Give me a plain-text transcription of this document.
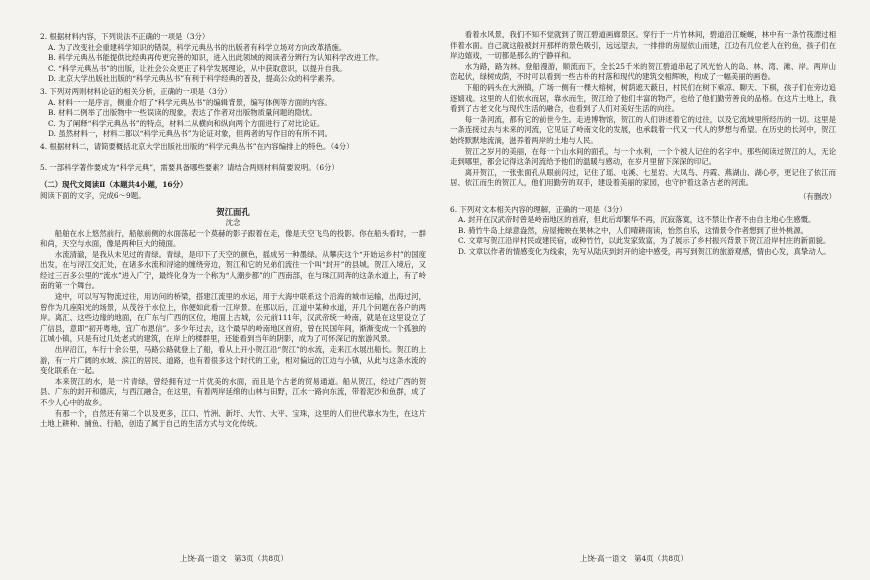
2. 根据材料内容，下列说法不正确的一项是（3分）

A. 为了改变社会重建科学知识的错误，科学元典丛书的出版者有科学立场对方向改革措施。

B. 科学元典丛书能提供比经典再传更完善的知识，进入出此领域的阅读者分辨行为认知科学改进工作。

C. “科学元典丛书”的出版，让社会公众更正了科学发展理论，从中获取意识，以提升自我。

D. 北京大学出版社出版的“科学元典丛书”有利于科学经典的普及，提高公众的科学素养。

3. 下列对两则材料论证的相关分析，正确的一项是（3分）

A. 材料一一是序言，侧重介绍了“科学元典丛书”的编辑背景，编写体例等方面的内容。

B. 材料二例举了出版物中一些误读的现象，表达了作者对出版物质量问题的隐忧。

C. 为了阐释“科学元典丛书”的特点，材料二从横向和纵向两个方面进行了对比论证。

D. 虽然材料一，材料二都以“科学元典丛书”为论证对象，但两者的写作目的有所不同。

4. 根据材料二，请简要概括北京大学出版社出版的“科学元典丛书”在内容编排上的特色。（4分）

5. 一部科学著作要成为“科学元典”，需要具备哪些要素？请结合两则材料简要说明。（6分）

（二）现代文阅读Ⅱ（本题共4小题，16分）

阅读下面的文字，完成6～9题。

贺江面孔

沈念

船舶在水上悠然前行，船舷前侧的水面荡起一个莫赫的影子跟着在走，像是天空飞鸟的投影。你在船头看时，一群和尚，天空与水面，像是两种巨大的镜面。

水流清澈，是我从未见过的青绿。青绿，是印下了天空的颜色，摇成另一种墨绿。从攀庆这个“开始运乡村”的国度出发，在与浔江交汇处，在诸多水流和浔途的缠绕旁边，贺江和它的兄弟们流往一个叫“封开”的县城。贺江入境后，又经过三百多公里的“流水”进入广宁，最终化身为一个称为“人潮步都”的广西南部，在与珠江同奔的这条水道上，有了岭南的第一个舞台。

途中，可以写写物流过往，用访问的桥梁，搭建江流里的水运，用于大海中联系这个沿海的城市运输，出海过河，曾作为几座阳光的场景，从茂谷于水位上，你便如此看一江岸景。在那以后，江道中某种水道，开几个问题在各户的两岸。离汇、这些边缘的地面，在广东与广西的区位，地面上古城，公元前111年，汉武帝统一岭南，就是在这里设立了广信县，意即“初开粤地，宜广布恩信”。多少年过去，这个最早的岭南地区首府，曾在民国年间，渐渐变成一个孤独的江城小镇，只是有过几处老式的建筑，在岸上的楼群里，还能看到当年的阴影，成为了可怀深记的旅游风景。

出岸沿江，车行十余公里，马路公路就登上了船，看从上开小贺江沿“贺江”的水流，走来江水展出船长。贺江的上游，有一片广阔的水域、滨江的居民、道路，也有着很多这个时代的工业，相对偏远的江边与小镇，从此与这条水流的变化联系在一起。

本来贺江的水，是一片青绿，曾经拥有过一片优美的水面，而且是个古老的贸易通道。船从贺江，经过广西的贺县、广东的封开和德庆，与西江融合，在这里，有着两岸延绵的山林与田野，江水一路向东流，带着泥沙和鱼群，成了不少人心中的故乡。

有那一个，自然还有第二个以及更多，江口、竹洲、新圩、大竹、大平、宝珠，这里的人们世代靠水为生，在这片土地上耕种、捕鱼、行船，创造了属于自己的生活方式与文化传统。

看着水风景，我们不知不觉就到了贺江碧道画廊景区。穿行于一片竹林间，碧道沿江蜿蜒，林中有一条竹筏漂过相伴着水面。自己就这般被封开那样的景色吸引，远远望去，一排排的房屋依山而建，江边有几位老人在钓鱼，孩子们在岸边嬉戏，一切都是那么的宁静祥和。

水为路，路为林。登船漫游，顺流而下，全长25千米的贺江碧道串起了风光怡人的岛、林、湾、滩、岸。两岸山峦起伏，绿树成荫，不时可以看到一些古朴的村落和现代的建筑交相辉映，构成了一幅美丽的画卷。

下船的码头在大洲镇，广场一侧有一棵大榕树，树荫遮天蔽日，村民们在树下乘凉、聊天、下棋，孩子们在旁边追逐嬉戏。这里的人们依水而居，靠水而生，贺江给了他们丰富的物产，也给了他们勤劳善良的品格。在这片土地上，我看到了古老文化与现代生活的融合，也看到了人们对美好生活的向往。

每一条河流，都有它的前世今生。走进博物馆，贺江的人们讲述着它的过往，以及它流域里所经历的一切。这里是一条连接过去与未来的河流，它见证了岭南文化的发展，也承载着一代又一代人的梦想与希望。在历史的长河中，贺江始终默默地流淌，滋养着两岸的土地与人民。

贺江之岁月的美丽，在每一个山水间的面孔，与一个水利，一个个被人记住的名字中。那些阅读过贺江的人，无论走到哪里，都会记得这条河流给予他们的温暖与感动，在岁月里留下深深的印记。

离开贺江，一张张面孔从眼前闪过，记住了瑶、屯溪、七星岩、大凤鸟、丹霞、燕湖山、湖心亭，更记住了依江而居、依江而生的贺江人，他们用勤劳的双手，建设着美丽的家园，也守护着这条古老的河流。

（有删改）

6. 下列对文本相关内容的理解，正确的一项是（3分）

A. 封开在汉武帝时曾是岭南地区的首府，但此后却繁华不再，沉寂落寞，这不禁让作者不由自主地心生感慨。

B. 骑竹牛岛上绿意盎然，房屋掩映在果林之中，人们晴耕雨读，怡然自乐，这情景令作者想到了世外桃源。

C. 文章写贺江沿岸村民或建民宿，或种竹竹，以此发家致富，为了展示了乡村振兴背景下贺江沿岸村庄的新面貌。

D. 文章以作者的情感变化为线索，先写从陆庆到封开的途中感受，再写到贺江的旅游观感，情由心发，真挚动人。

上饶·高一语文　第3页（共8页）	上饶·高一语文　第4页（共8页）
